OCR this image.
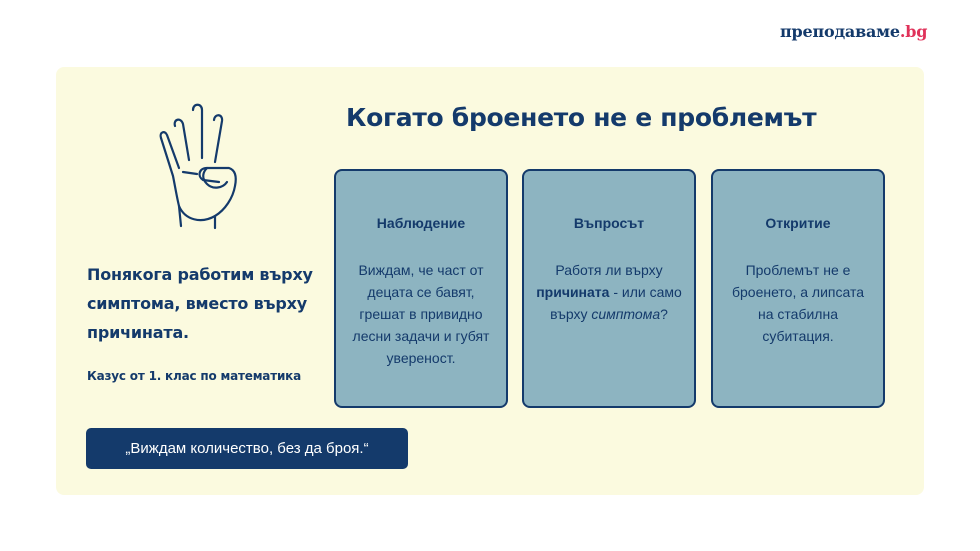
преподаваме.bg
Когато броенето не е проблемът
Понякога работим върху симптома, вместо върху причината.
Казус от 1. клас по математика
„Виждам количество, без да броя.“
Наблюдение
Виждам, че част от децата се бавят, грешат в привидно лесни задачи и губят увереност.
Въпросът
Работя ли върху причината - или само върху симптома?
Откритие
Проблемът не е броенето, а липсата на стабилна субитация.
